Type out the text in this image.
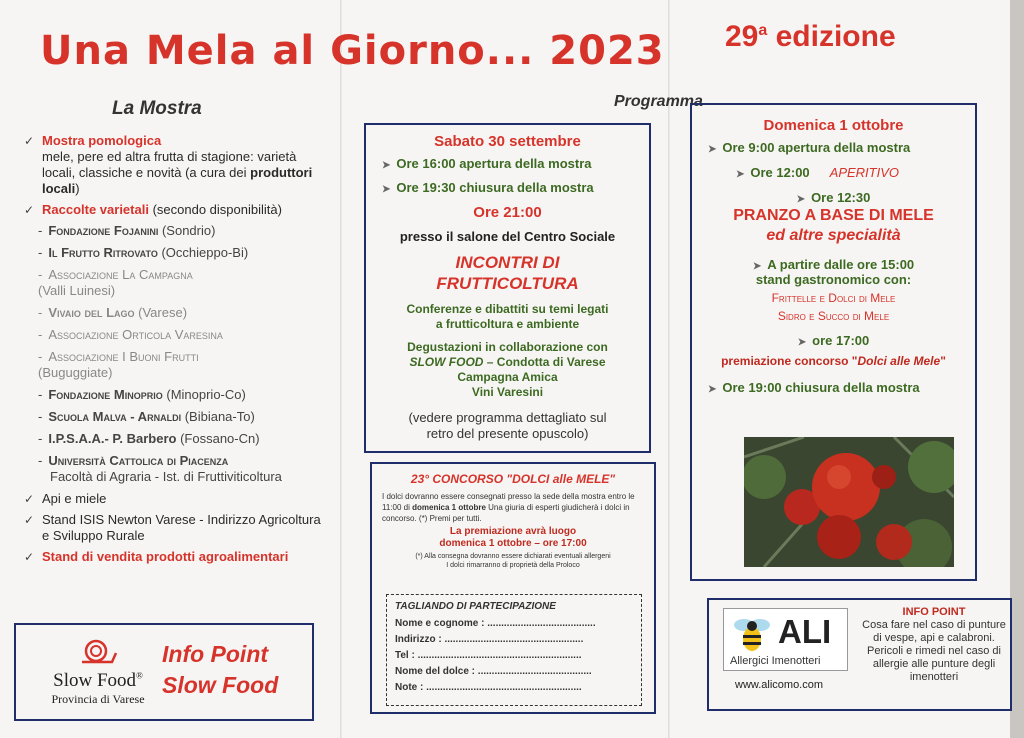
Una Mela al Giorno... 2023 29$^a$ edizione
La Mostra	Programma
✓ Mostra pomologica
mele, pere ed altra frutta di stagione: varietà locali, classiche e novità (a cura dei produttori locali)
✓ Raccolte varietali (secondo disponibilità)
- Fondazione Fojanini (Sondrio)
- Il Frutto Ritrovato (Occhieppo-Bi)
- Associazione La Campagna
(Valli Luinesi)
- Vivaio del Lago (Varese)
- Associazione Orticola Varesina
- Associazione I Buoni Frutti
(Buguggiate)
- Fondazione Minoprio (Minoprio-Co)
- Scuola Malva - Arnaldi (Bibiana-To)
- I.P.S.A.A.- P. Barbero (Fossano-Cn)
- Università Cattolica di Piacenza
Facoltà di Agraria - Ist. di Fruttiviticoltura
✓ Api e miele
✓ Stand ISIS Newton Varese - Indirizzo Agricoltura e Sviluppo Rurale
✓ Stand di vendita prodotti agroalimentari
Slow Food®
Provincia di Varese
Info Point
Slow Food
Sabato 30 settembre
➤ Ore 16:00 apertura della mostra
➤ Ore 19:30 chiusura della mostra
Ore 21:00
presso il salone del Centro Sociale
INCONTRI DI
FRUTTICOLTURA
Conferenze e dibattiti su temi legati
a frutticoltura e ambiente
Degustazioni in collaborazione con
SLOW FOOD – Condotta di Varese
Campagna Amica
Vini Varesini
(vedere programma dettagliato sul
retro del presente opuscolo)
23° CONCORSO "DOLCI alle MELE"
I dolci dovranno essere consegnati presso la sede della mostra entro le 11:00 di domenica 1 ottobre Una giuria di esperti giudicherà i dolci in concorso. (*) Premi per tutti.
La premiazione avrà luogo
domenica 1 ottobre – ore 17:00
(*) Alla consegna dovranno essere dichiarati eventuali allergeni
I dolci rimarranno di proprietà della Proloco
TAGLIANDO DI PARTECIPAZIONE
Nome e cognome : .......................................
Indirizzo : ..................................................
Tel : ...........................................................
Nome del dolce : .........................................
Note : ........................................................
Domenica 1 ottobre
➤ Ore 9:00 apertura della mostra
➤ Ore 12:00 APERITIVO
➤ Ore 12:30
PRANZO A BASE DI MELE
ed altre specialità
➤ A partire dalle ore 15:00
stand gastronomico con:
Frittelle e Dolci di Mele
Sidro e Succo di Mele
➤ ore 17:00
premiazione concorso "Dolci alle Mele"
➤ Ore 19:00 chiusura della mostra
ALI
Allergici Imenotteri
www.alicomo.com
INFO POINT
Cosa fare nel caso di punture di vespe, api e calabroni. Pericoli e rimedi nel caso di allergie alle punture degli imenotteri
